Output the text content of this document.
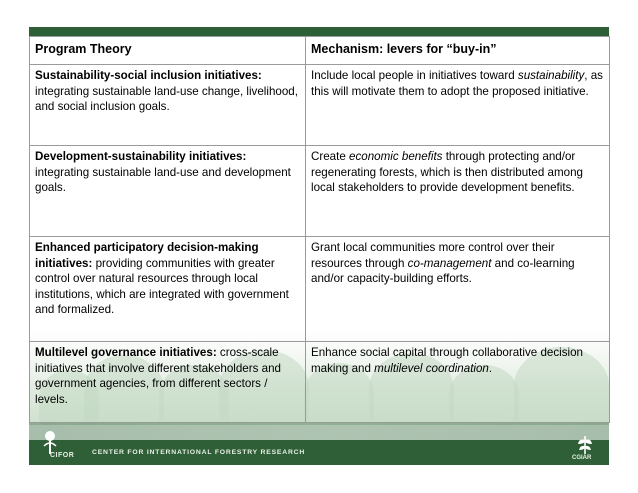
Program Theory	Mechanism: levers for “buy-in”
Sustainability-social inclusion initiatives: integrating sustainable land-use change, livelihood, and social inclusion goals.	Include local people in initiatives toward sustainability, as this will motivate them to adopt the proposed initiative.
Development-sustainability initiatives: integrating sustainable land-use and development goals.	Create economic benefits through protecting and/or regenerating forests, which is then distributed among local stakeholders to provide development benefits.
Enhanced participatory decision-making initiatives: providing communities with greater control over natural resources through local institutions, which are integrated with government and formalized.	Grant local communities more control over their resources through co-management and co-learning and/or capacity-building efforts.
Multilevel governance initiatives: cross-scale initiatives that involve different stakeholders and government agencies, from different sectors / levels.	Enhance social capital through collaborative decision making and multilevel coordination.
CIFOR	CENTER FOR INTERNATIONAL FORESTRY RESEARCH
CGIAR
